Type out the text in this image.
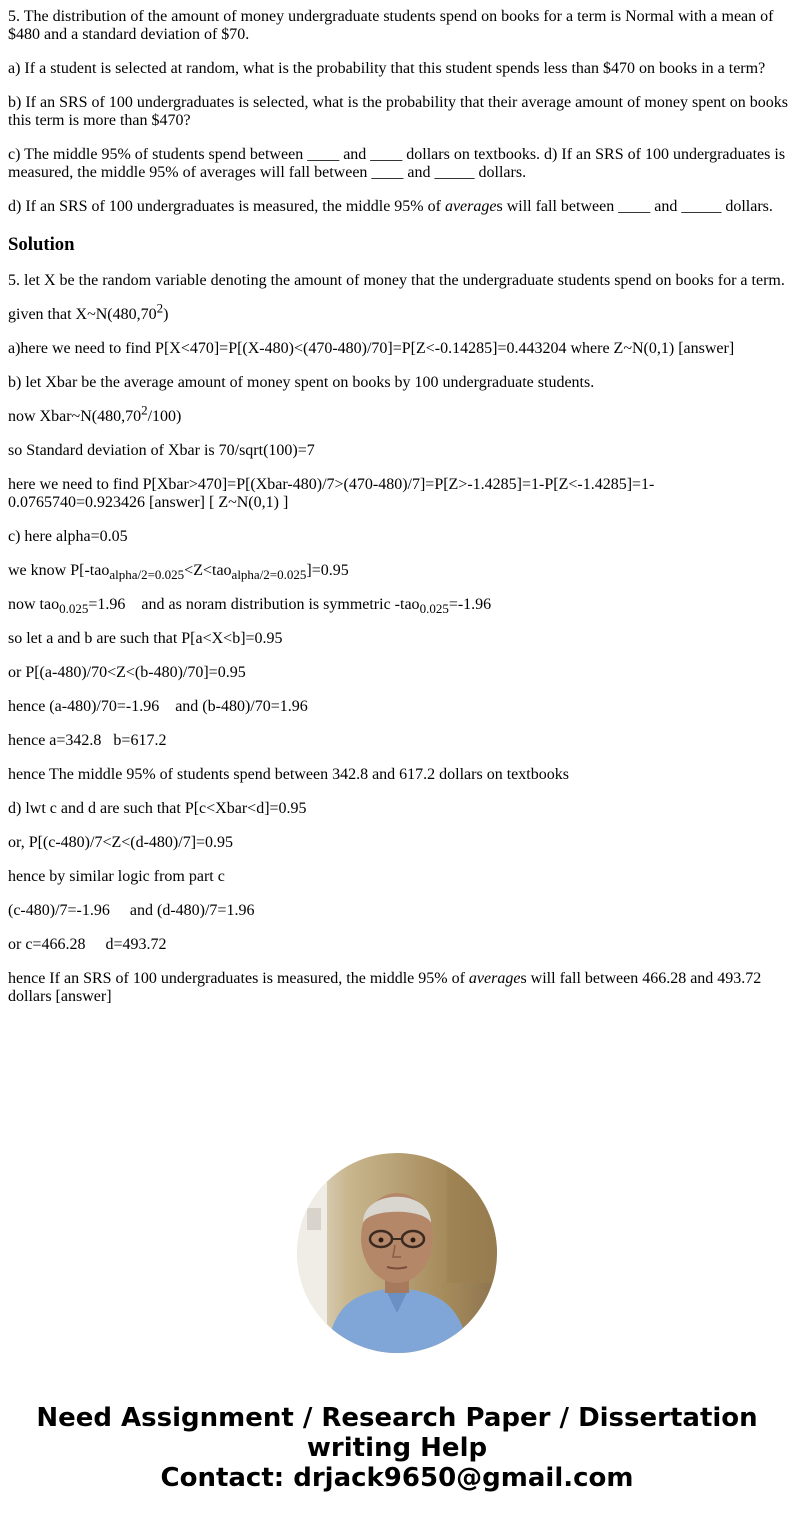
5. The distribution of the amount of money undergraduate students spend on books for a term is Normal with a mean of $480 and a standard deviation of $70.

a) If a student is selected at random, what is the probability that this student spends less than $470 on books in a term?

b) If an SRS of 100 undergraduates is selected, what is the probability that their average amount of money spent on books this term is more than $470?

c) The middle 95% of students spend between ____ and ____ dollars on textbooks. d) If an SRS of 100 undergraduates is measured, the middle 95% of averages will fall between ____ and _____ dollars.

d) If an SRS of 100 undergraduates is measured, the middle 95% of averages will fall between ____ and _____ dollars.

Solution

5. let X be the random variable denoting the amount of money that the undergraduate students spend on books for a term.

given that X~N(480,70$^2$)

a)here we need to find P[X<470]=P[(X-480)<(470-480)/70]=P[Z<-0.14285]=0.443204 where Z~N(0,1) [answer]

b) let Xbar be the average amount of money spent on books by 100 undergraduate students.

now Xbar~N(480,70$^2$/100)

so Standard deviation of Xbar is 70/sqrt(100)=7

here we need to find P[Xbar>470]=P[(Xbar-480)/7>(470-480)/7]=P[Z>-1.4285]=1-P[Z<-1.4285]=1-0.0765740=0.923426 [answer] [ Z~N(0,1) ]

c) here alpha=0.05

we know P[-tao$_{alpha/2=0.025}$<Z<tao$_{alpha/2=0.025}$]=0.95

now tao$_{0.025}$=1.96    and as noram distribution is symmetric -tao$_{0.025}$=-1.96

so let a and b are such that P[a<X<b]=0.95

or P[(a-480)/70<Z<(b-480)/70]=0.95

hence (a-480)/70=-1.96    and (b-480)/70=1.96

hence a=342.8   b=617.2

hence The middle 95% of students spend between 342.8 and 617.2 dollars on textbooks

d) lwt c and d are such that P[c<Xbar<d]=0.95

or, P[(c-480)/7<Z<(d-480)/7]=0.95

hence by similar logic from part c

(c-480)/7=-1.96     and (d-480)/7=1.96

or c=466.28     d=493.72

hence If an SRS of 100 undergraduates is measured, the middle 95% of averages will fall between 466.28 and 493.72 dollars [answer]

Need Assignment / Research Paper / Dissertation
writing Help
Contact: drjack9650@gmail.com
